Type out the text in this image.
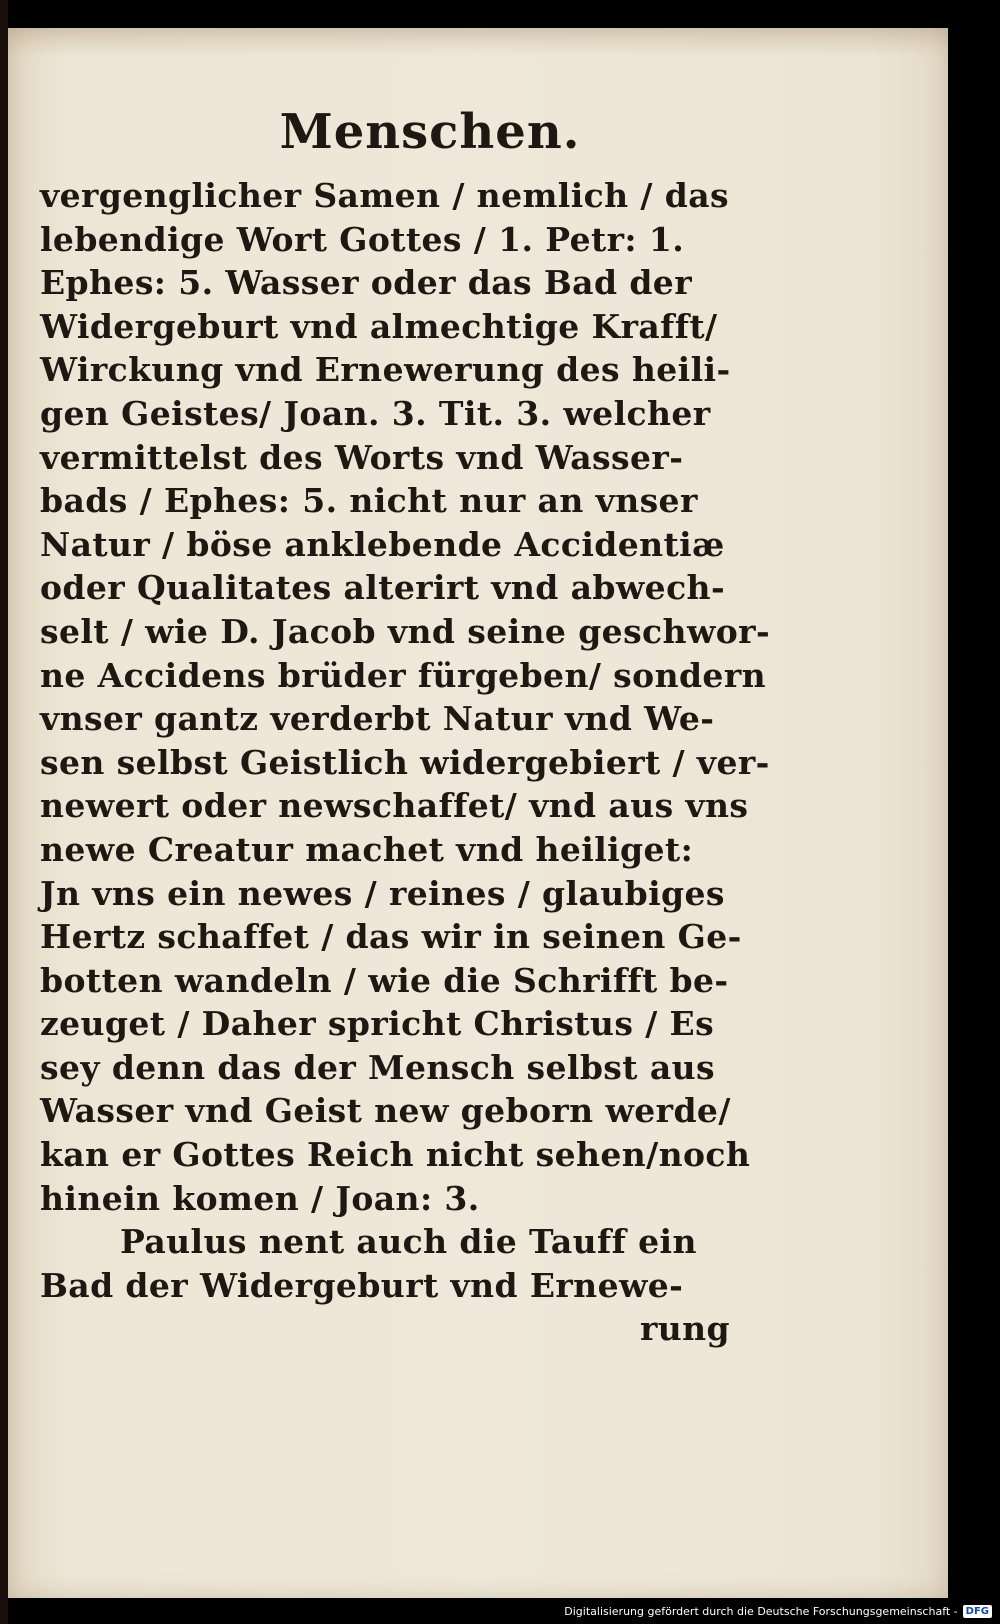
Menschen.
vergenglicher Samen / nemlich / das
lebendige Wort Gottes / 1. Petr: 1.
Ephes: 5. Wasser oder das Bad der
Widergeburt vnd almechtige Krafft/
Wirckung vnd Ernewerung des heili-
gen Geistes/ Joan. 3. Tit. 3. welcher
vermittelst des Worts vnd Wasser-
bads / Ephes: 5. nicht nur an vnser
Natur / böse anklebende Accidentiæ
oder Qualitates alterirt vnd abwech-
selt / wie D. Jacob vnd seine geschwor-
ne Accidens brüder fürgeben/ sondern
vnser gantz verderbt Natur vnd We-
sen selbst Geistlich widergebiert / ver-
newert oder newschaffet/ vnd aus vns
newe Creatur machet vnd heiliget:
Jn vns ein newes / reines / glaubiges
Hertz schaffet / das wir in seinen Ge-
botten wandeln / wie die Schrifft be-
zeuget / Daher spricht Christus / Es
sey denn das der Mensch selbst aus
Wasser vnd Geist new geborn werde/
kan er Gottes Reich nicht sehen/noch
hinein komen / Joan: 3.
Paulus nent auch die Tauff ein
Bad der Widergeburt vnd Ernewe-
rung
Digitalisierung gefördert durch die Deutsche Forschungsgemeinschaft - DFG
